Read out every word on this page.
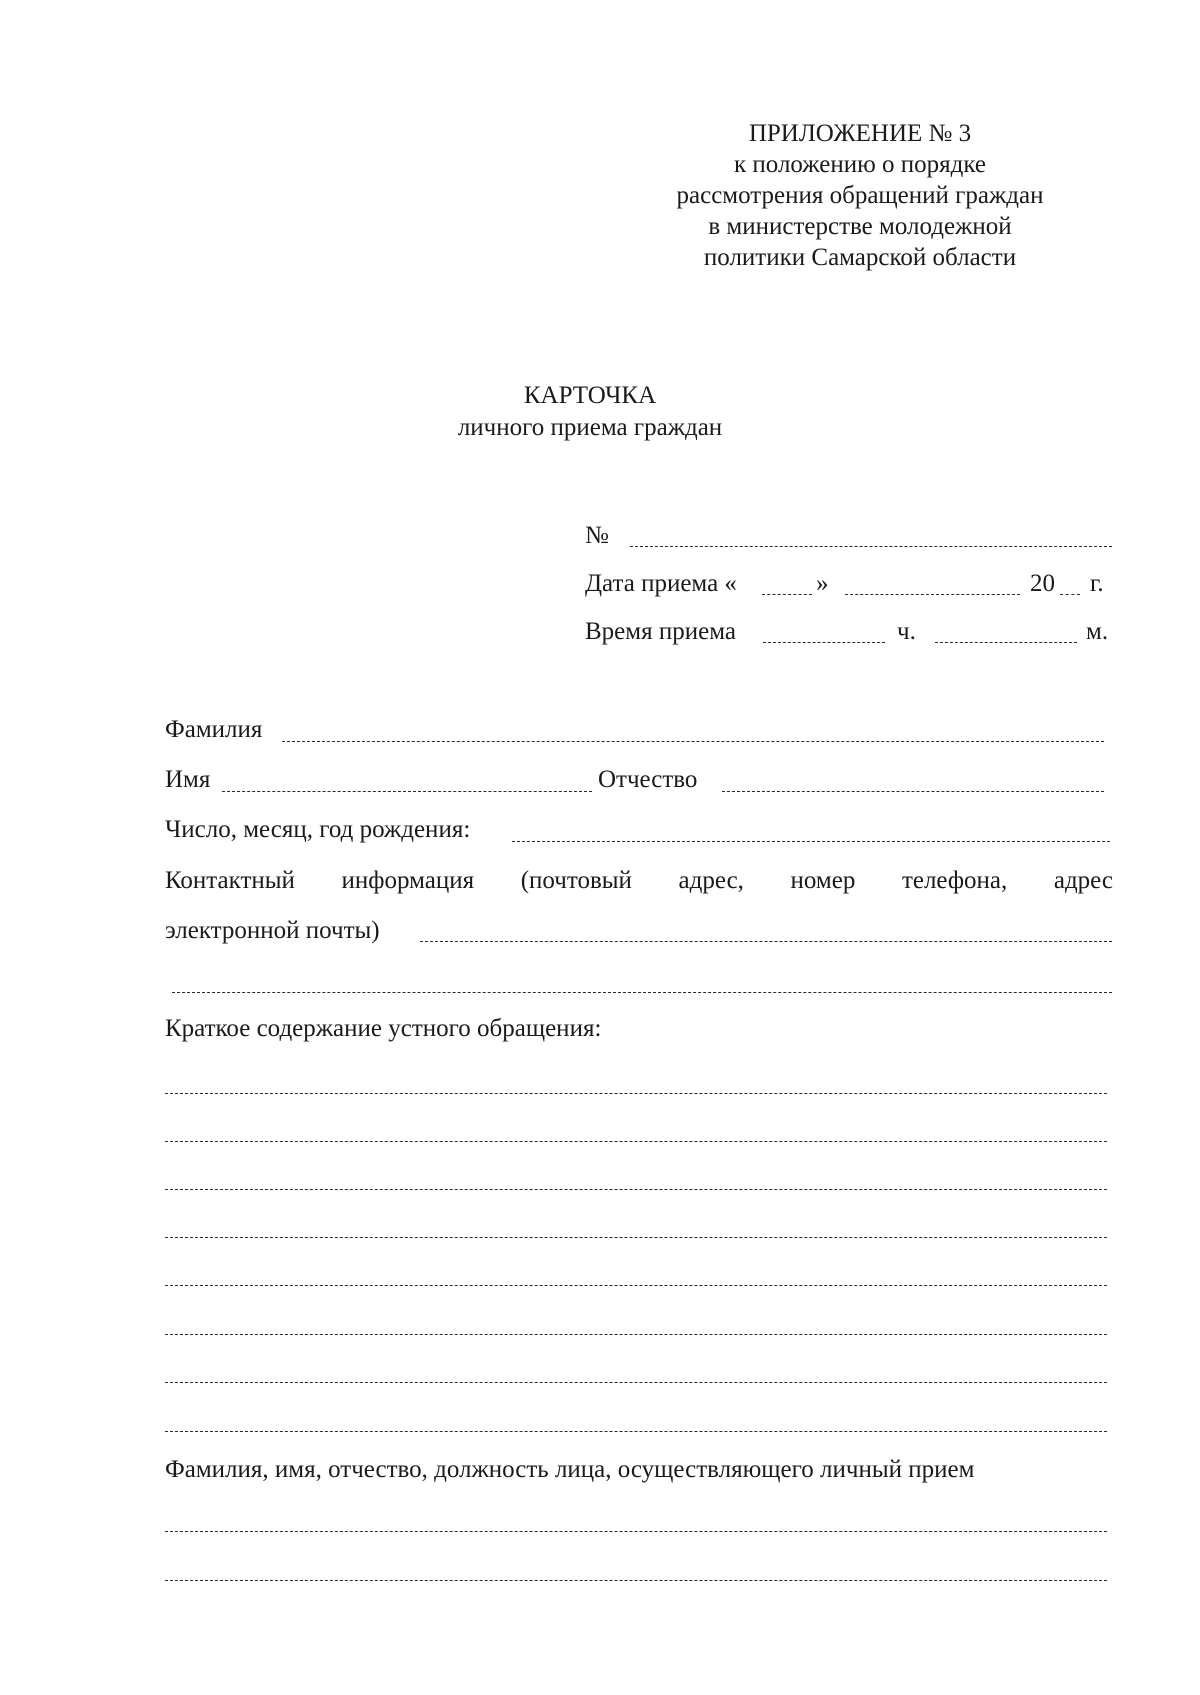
ПРИЛОЖЕНИЕ № 3
к положению о порядке
рассмотрения обращений граждан
в министерстве молодежной
политики Самарской области
КАРТОЧКА
личного приема граждан
№
Дата приема «	»	20 г.
Время приема	ч.	м.
Фамилия
Имя	Отчество
Число, месяц, год рождения:
Контактный информация (почтовый адрес, номер телефона, адрес
электронной почты)
Краткое содержание устного обращения:
Фамилия, имя, отчество, должность лица, осуществляющего личный прием
